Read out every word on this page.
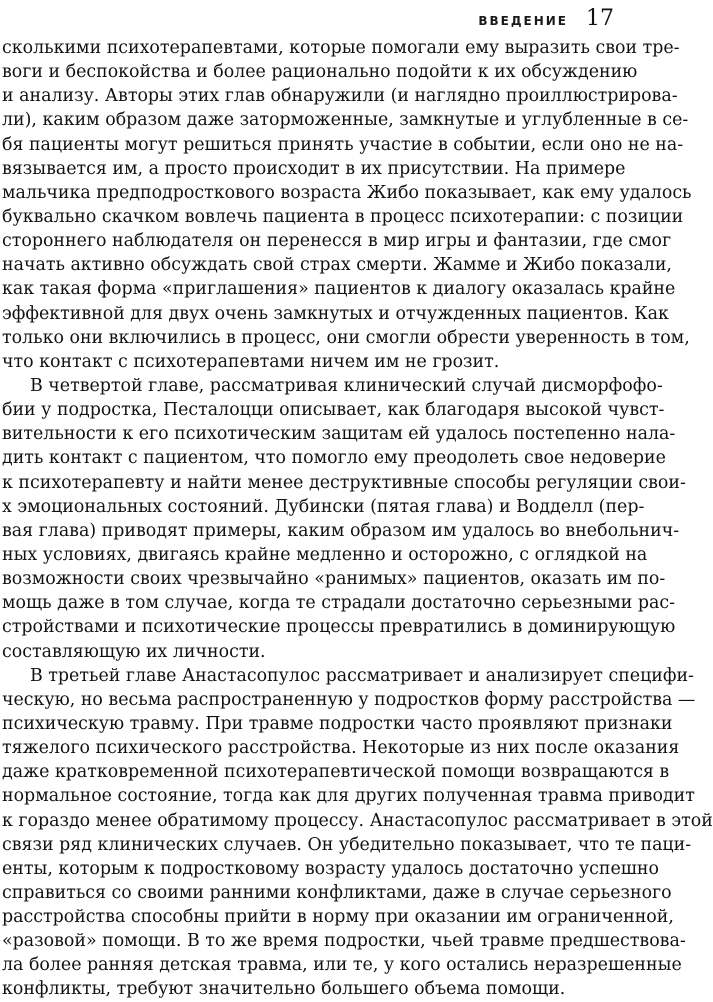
ВВЕДЕНИЕ 17
сколькими психотерапевтами, которые помогали ему выразить свои тре-
воги и беспокойства и более рационально подойти к их обсуждению
и анализу. Авторы этих глав обнаружили (и наглядно проиллюстрирова-
ли), каким образом даже заторможенные, замкнутые и углубленные в се-
бя пациенты могут решиться принять участие в событии, если оно не на-
вязывается им, а просто происходит в их присутствии. На примере
мальчика предподросткового возраста Жибо показывает, как ему удалось
буквально скачком вовлечь пациента в процесс психотерапии: с позиции
стороннего наблюдателя он перенесся в мир игры и фантазии, где смог
начать активно обсуждать свой страх смерти. Жамме и Жибо показали,
как такая форма «приглашения» пациентов к диалогу оказалась крайне
эффективной для двух очень замкнутых и отчужденных пациентов. Как
только они включились в процесс, они смогли обрести уверенность в том,
что контакт с психотерапевтами ничем им не грозит.
В четвертой главе, рассматривая клинический случай дисморфофо-
бии у подростка, Песталоцци описывает, как благодаря высокой чувст-
вительности к его психотическим защитам ей удалось постепенно нала-
дить контакт с пациентом, что помогло ему преодолеть свое недоверие
к психотерапевту и найти менее деструктивные способы регуляции свои-
х эмоциональных состояний. Дубински (пятая глава) и Водделл (пер-
вая глава) приводят примеры, каким образом им удалось во внебольнич-
ных условиях, двигаясь крайне медленно и осторожно, с оглядкой на
возможности своих чрезвычайно «ранимых» пациентов, оказать им по-
мощь даже в том случае, когда те страдали достаточно серьезными рас-
стройствами и психотические процессы превратились в доминирующую
составляющую их личности.
В третьей главе Анастасопулос рассматривает и анализирует специфи-
ческую, но весьма распространенную у подростков форму расстройства —
психическую травму. При травме подростки часто проявляют признаки
тяжелого психического расстройства. Некоторые из них после оказания
даже кратковременной психотерапевтической помощи возвращаются в
нормальное состояние, тогда как для других полученная травма приводит
к гораздо менее обратимому процессу. Анастасопулос рассматривает в этой
связи ряд клинических случаев. Он убедительно показывает, что те паци-
енты, которым к подростковому возрасту удалось достаточно успешно
справиться со своими ранними конфликтами, даже в случае серьезного
расстройства способны прийти в норму при оказании им ограниченной,
«разовой» помощи. В то же время подростки, чьей травме предшествова-
ла более ранняя детская травма, или те, у кого остались неразрешенные
конфликты, требуют значительно большего объема помощи.
